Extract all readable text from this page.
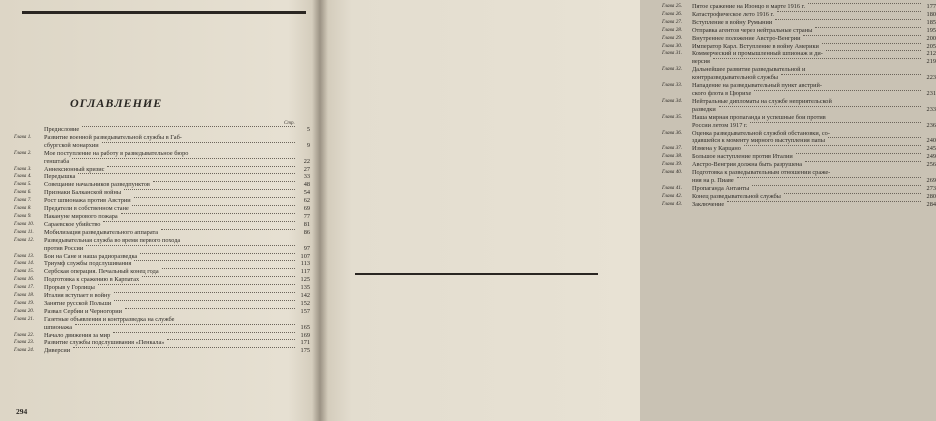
ОГЛАВЛЕНИЕ
Стр.
Предисловие	5
Глава 1.	Развитие военной разведывательной службы в Габ-
сбургской монархии	9
Глава 2.	Мое поступление на работу в разведывательное бюро
генштаба	22
Глава 3.	Аннексионный кризис	27
Глава 4.	Передышка	33
Глава 5.	Совещание начальников разведпунктов	48
Глава 6.	Признаки Балканской войны	54
Глава 7.	Рост шпионажа против Австрии	62
Глава 8.	Предатели в собственном стане	69
Глава 9.	Накануне мирового пожара	77
Глава 10.	Сараевское убийство	81
Глава 11.	Мобилизация разведывательного аппарата	86
Глава 12.	Разведывательная служба во время первого похода
против России	97
Глава 13.	Бои на Сане и наша радиоразведка	107
Глава 14.	Триумф службы подслушивания	113
Глава 15.	Сербская операция. Печальный конец года	117
Глава 16.	Подготовка к сражению в Карпатах	125
Глава 17.	Прорыв у Горлицы	135
Глава 18.	Италия вступает в войну	142
Глава 19.	Занятие русской Польши	152
Глава 20.	Развал Сербии и Черногории	157
Глава 21.	Газетные объявления и контрразведка на службе
шпионажа	165
Глава 22.	Начало движения за мир	169
Глава 23.	Развитие службы подслушивания «Пенкала»	171
Глава 24.	Диверсии	175
294
Глава 25.	Пятое сражение на Изонцо в марте 1916 г.	177
Глава 26.	Катастрофическое лето 1916 г.	180
Глава 27.	Вступление в войну Румынии	185
Глава 28.	Отправка агентов через нейтральные страны	195
Глава 29.	Внутреннее положение Австро-Венгрии	200
Глава 30.	Император Карл. Вступление в войну Америки	205
Глава 31.	Коммерческий и промышленный шпионаж и ди-	212
версия	219
Глава 32.	Дальнейшее развитие разведывательной и
контрразведывательной службы	223
Глава 33.	Нападение на разведывательный пункт австрий-
ского флота в Цюрихе	231
Глава 34.	Нейтральные дипломаты на службе неприятельской
разведки	233
Глава 35.	Наша мирная пропаганда и успешные бои против
России летом 1917 г.	236
Глава 36.	Оценка разведывательной службой обстановки, со-
здавшейся к моменту мирного выступления папы	240
Глава 37.	Измена у Карцано	245
Глава 38.	Большое наступление против Италии	249
Глава 39.	Австро-Венгрия должна быть разрушена	256
Глава 40.	Подготовка к разведывательным отношении сраже-
ния на р. Пиаве	269
Глава 41.	Пропаганда Антанты	273
Глава 42.	Конец разведывательной службы	280
Глава 43.	Заключение	284
